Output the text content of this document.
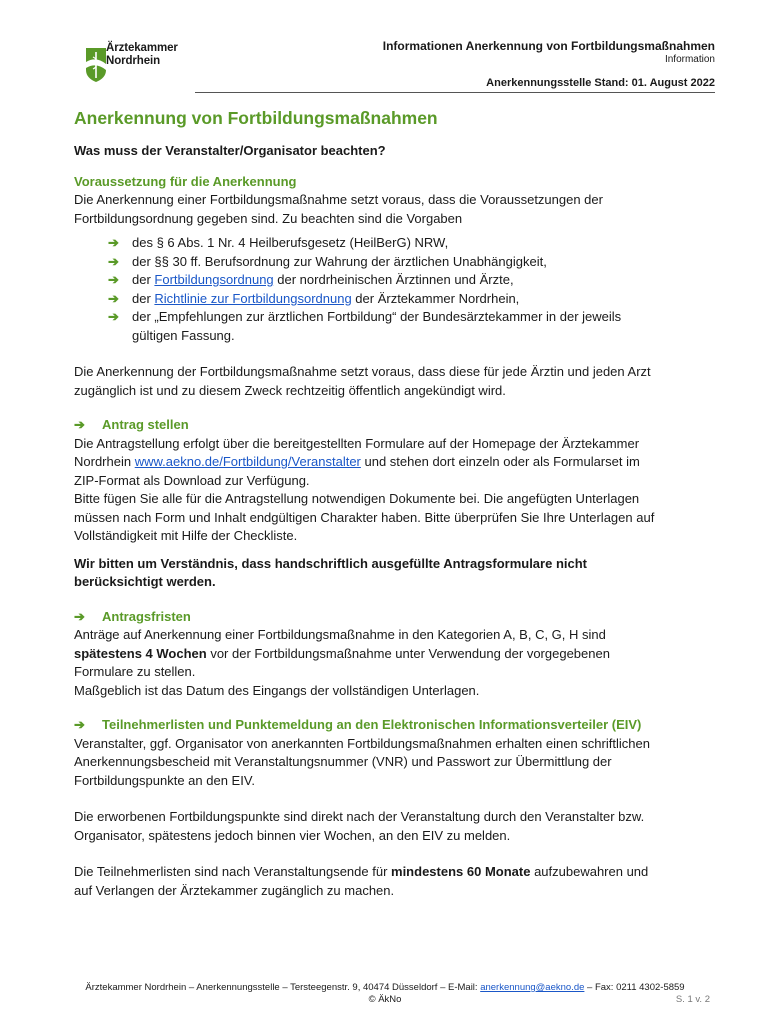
Ärztekammer
Nordrhein
Informationen Anerkennung von Fortbildungsmaßnahmen
Information
Anerkennungsstelle Stand: 01. August 2022
Anerkennung von Fortbildungsmaßnahmen
Was muss der Veranstalter/Organisator beachten?
Voraussetzung für die Anerkennung
Die Anerkennung einer Fortbildungsmaßnahme setzt voraus, dass die Voraussetzungen der
Fortbildungsordnung gegeben sind. Zu beachten sind die Vorgaben
➔ des § 6 Abs. 1 Nr. 4 Heilberufsgesetz (HeilBerG) NRW,
➔ der §§ 30 ff. Berufsordnung zur Wahrung der ärztlichen Unabhängigkeit,
➔ der Fortbildungsordnung der nordrheinischen Ärztinnen und Ärzte,
➔ der Richtlinie zur Fortbildungsordnung der Ärztekammer Nordrhein,
➔ der „Empfehlungen zur ärztlichen Fortbildung“ der Bundesärztekammer in der jeweils
gültigen Fassung.
Die Anerkennung der Fortbildungsmaßnahme setzt voraus, dass diese für jede Ärztin und jeden Arzt
zugänglich ist und zu diesem Zweck rechtzeitig öffentlich angekündigt wird.
➔	Antrag stellen
Die Antragstellung erfolgt über die bereitgestellten Formulare auf der Homepage der Ärztekammer
Nordrhein www.aekno.de/Fortbildung/Veranstalter und stehen dort einzeln oder als Formularset im
ZIP-Format als Download zur Verfügung.
Bitte fügen Sie alle für die Antragstellung notwendigen Dokumente bei. Die angefügten Unterlagen
müssen nach Form und Inhalt endgültigen Charakter haben. Bitte überprüfen Sie Ihre Unterlagen auf
Vollständigkeit mit Hilfe der Checkliste.
Wir bitten um Verständnis, dass handschriftlich ausgefüllte Antragsformulare nicht
berücksichtigt werden.
➔	Antragsfristen
Anträge auf Anerkennung einer Fortbildungsmaßnahme in den Kategorien A, B, C, G, H sind
spätestens 4 Wochen vor der Fortbildungsmaßnahme unter Verwendung der vorgegebenen
Formulare zu stellen.
Maßgeblich ist das Datum des Eingangs der vollständigen Unterlagen.
➔	Teilnehmerlisten und Punktemeldung an den Elektronischen Informationsverteiler (EIV)
Veranstalter, ggf. Organisator von anerkannten Fortbildungsmaßnahmen erhalten einen schriftlichen
Anerkennungsbescheid mit Veranstaltungsnummer (VNR) und Passwort zur Übermittlung der
Fortbildungspunkte an den EIV.
Die erworbenen Fortbildungspunkte sind direkt nach der Veranstaltung durch den Veranstalter bzw.
Organisator, spätestens jedoch binnen vier Wochen, an den EIV zu melden.
Die Teilnehmerlisten sind nach Veranstaltungsende für mindestens 60 Monate aufzubewahren und
auf Verlangen der Ärztekammer zugänglich zu machen.
Ärztekammer Nordrhein – Anerkennungsstelle – Tersteegenstr. 9, 40474 Düsseldorf – E-Mail: anerkennung@aekno.de – Fax: 0211 4302-5859
© ÄkNo	S. 1 v. 2
